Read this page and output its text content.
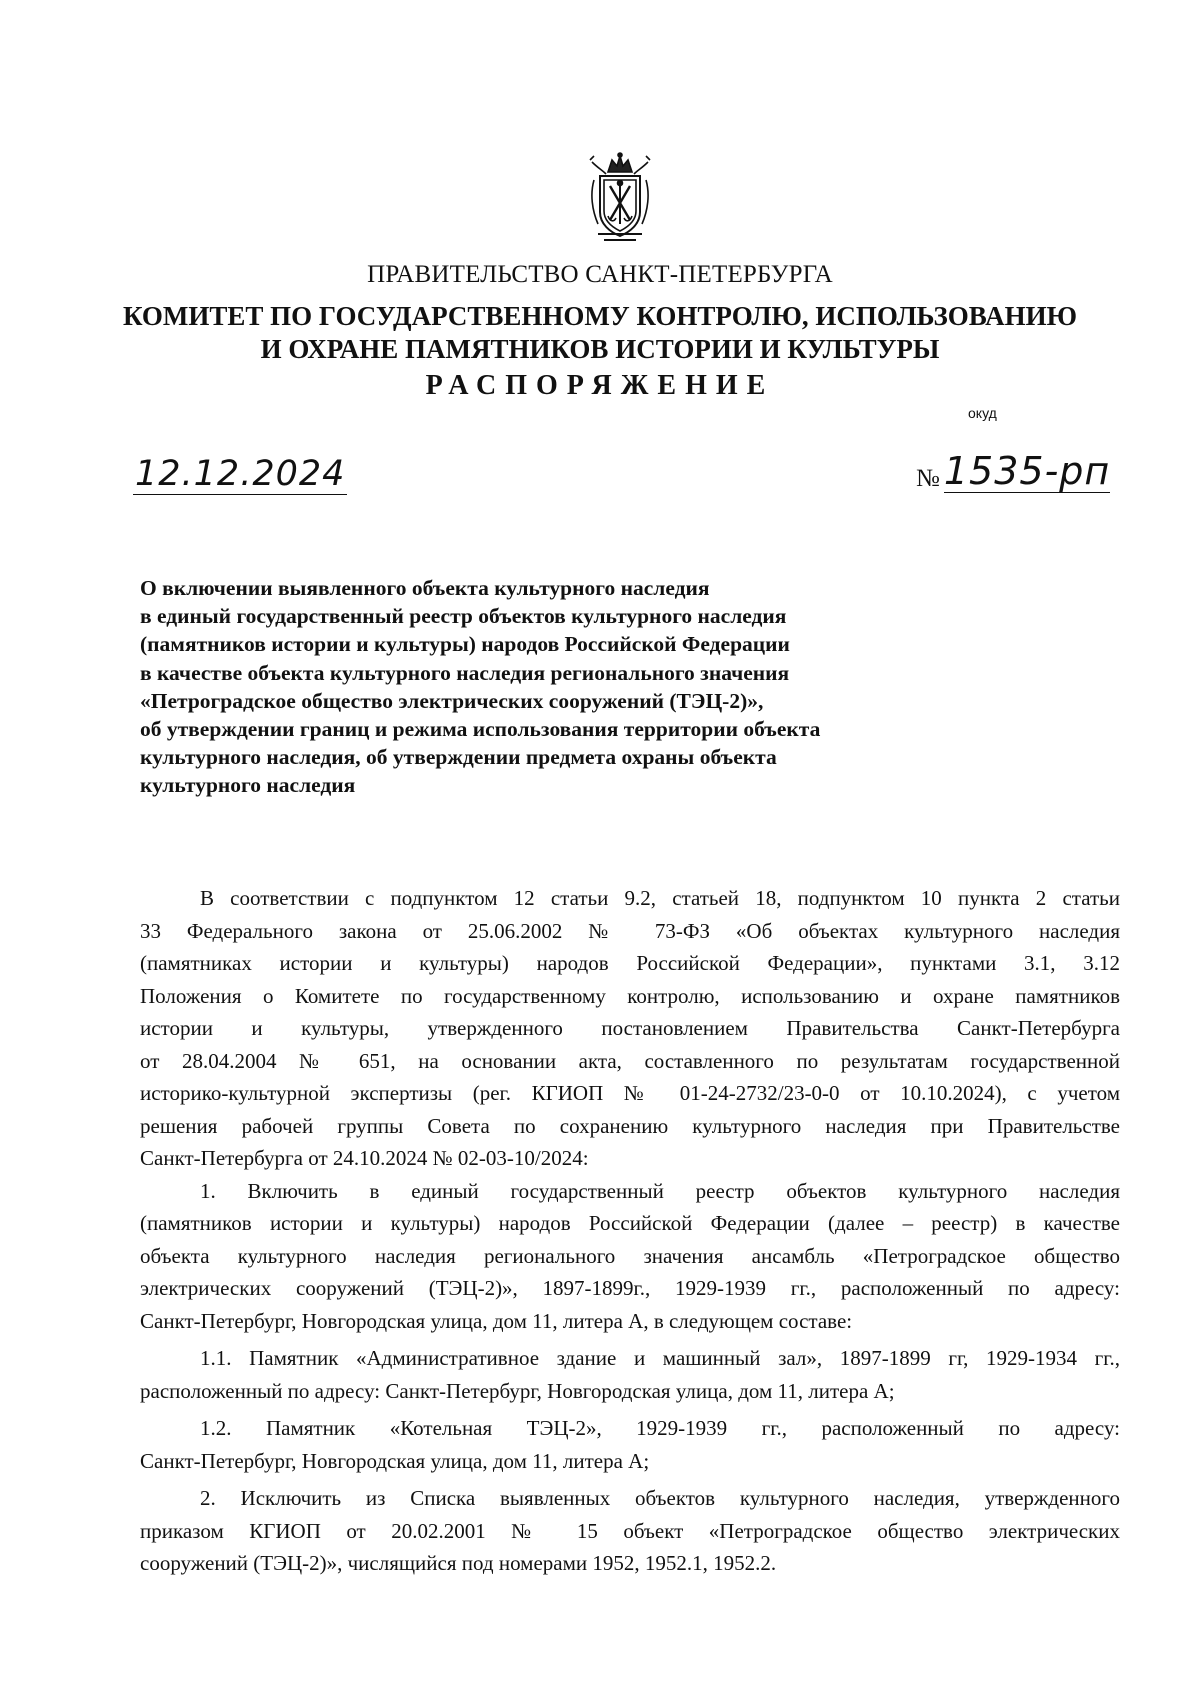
ПРАВИТЕЛЬСТВО САНКТ-ПЕТЕРБУРГА
КОМИТЕТ ПО ГОСУДАРСТВЕННОМУ КОНТРОЛЮ, ИСПОЛЬЗОВАНИЮ
И ОХРАНЕ ПАМЯТНИКОВ ИСТОРИИ И КУЛЬТУРЫ
РАСПОРЯЖЕНИЕ
окуд
12.12.2024	№ 1535-рп
О включении выявленного объекта культурного наследия
в единый государственный реестр объектов культурного наследия
(памятников истории и культуры) народов Российской Федерации
в качестве объекта культурного наследия регионального значения
«Петроградское общество электрических сооружений (ТЭЦ-2)»,
об утверждении границ и режима использования территории объекта
культурного наследия, об утверждении предмета охраны объекта
культурного наследия
В соответствии с подпунктом 12 статьи 9.2, статьей 18, подпунктом 10 пункта 2 статьи
33 Федерального закона от 25.06.2002 № 73-ФЗ «Об объектах культурного наследия
(памятниках истории и культуры) народов Российской Федерации», пунктами 3.1, 3.12
Положения о Комитете по государственному контролю, использованию и охране памятников
истории и культуры, утвержденного постановлением Правительства Санкт-Петербурга
от 28.04.2004 № 651, на основании акта, составленного по результатам государственной
историко-культурной экспертизы (рег. КГИОП № 01-24-2732/23-0-0 от 10.10.2024), с учетом
решения рабочей группы Совета по сохранению культурного наследия при Правительстве
Санкт-Петербурга от 24.10.2024 № 02-03-10/2024:
1. Включить в единый государственный реестр объектов культурного наследия
(памятников истории и культуры) народов Российской Федерации (далее – реестр) в качестве
объекта культурного наследия регионального значения ансамбль «Петроградское общество
электрических сооружений (ТЭЦ-2)», 1897-1899г., 1929-1939 гг., расположенный по адресу:
Санкт-Петербург, Новгородская улица, дом 11, литера А, в следующем составе:
1.1. Памятник «Административное здание и машинный зал», 1897-1899 гг, 1929-1934 гг.,
расположенный по адресу: Санкт-Петербург, Новгородская улица, дом 11, литера А;
1.2. Памятник «Котельная ТЭЦ-2», 1929-1939 гг., расположенный по адресу:
Санкт-Петербург, Новгородская улица, дом 11, литера А;
2. Исключить из Списка выявленных объектов культурного наследия, утвержденного
приказом КГИОП от 20.02.2001 № 15 объект «Петроградское общество электрических
сооружений (ТЭЦ-2)», числящийся под номерами 1952, 1952.1, 1952.2.
